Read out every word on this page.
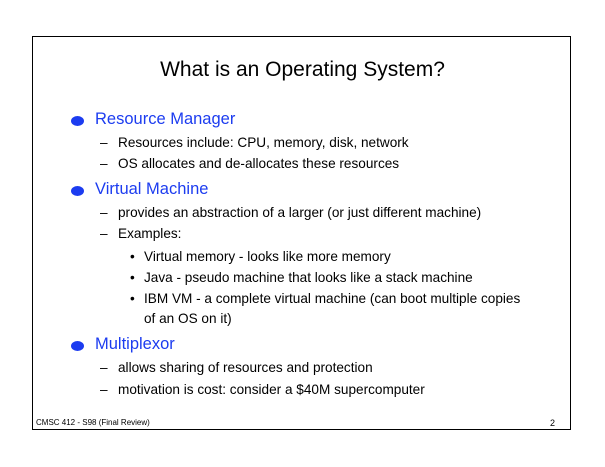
What is an Operating System?
Resource Manager
– Resources include: CPU, memory, disk, network
– OS allocates and de-allocates these resources
Virtual Machine
– provides an abstraction of a larger (or just different machine)
– Examples:
• Virtual memory - looks like more memory
• Java - pseudo machine that looks like a stack machine
• IBM VM - a complete virtual machine (can boot multiple copies of an OS on it)
Multiplexor
– allows sharing of resources and protection
– motivation is cost: consider a $40M supercomputer
CMSC 412 - S98 (Final Review)	2
